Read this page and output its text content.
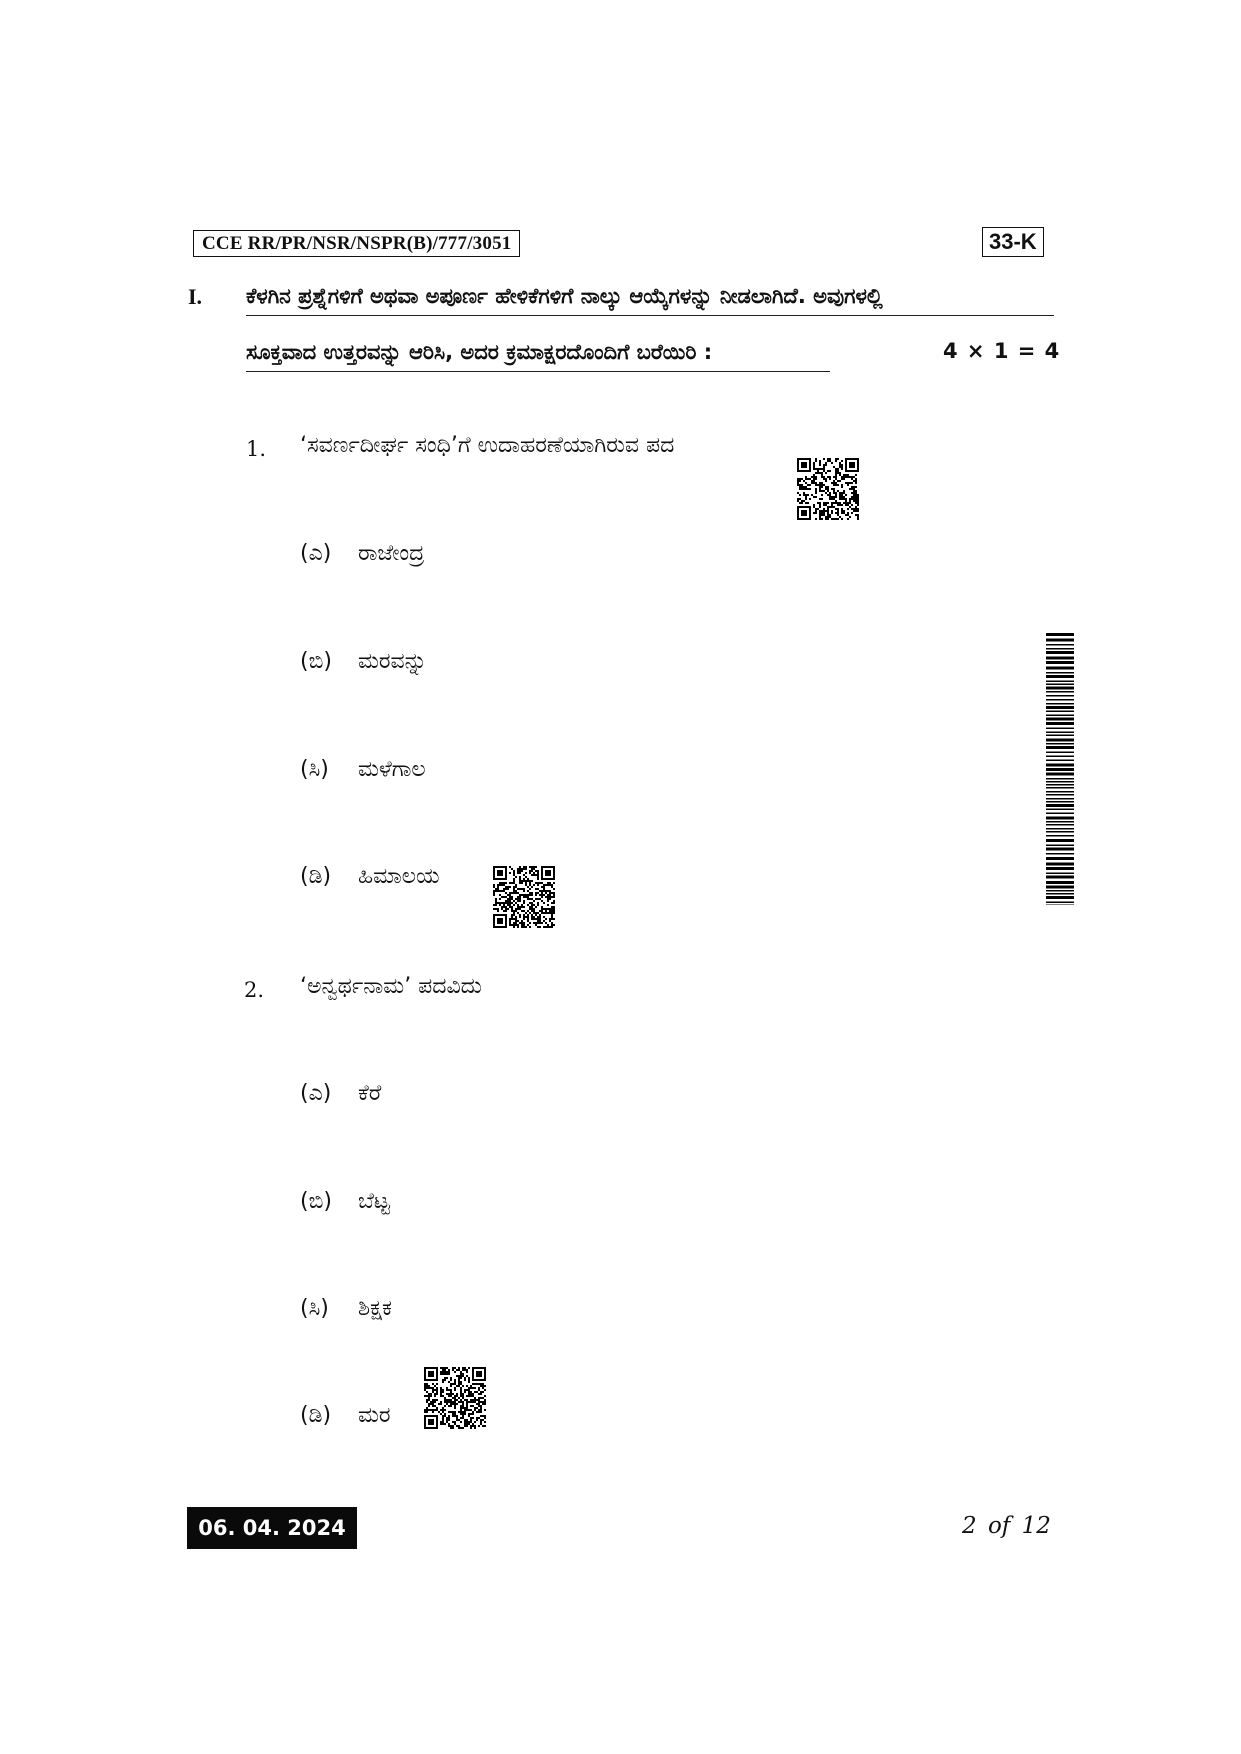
CCE RR/PR/NSR/NSPR(B)/777/3051	33-K
I. ಕೆಳಗಿನ ಪ್ರಶ್ನೆಗಳಿಗೆ ಅಥವಾ ಅಪೂರ್ಣ ಹೇಳಿಕೆಗಳಿಗೆ ನಾಲ್ಕು ಆಯ್ಕೆಗಳನ್ನು ನೀಡಲಾಗಿದೆ. ಅವುಗಳಲ್ಲಿ
ಸೂಕ್ತವಾದ ಉತ್ತರವನ್ನು ಆರಿಸಿ, ಅದರ ಕ್ರಮಾಕ್ಷರದೊಂದಿಗೆ ಬರೆಯಿರಿ :	4 × 1 = 4
1. ‘ಸವರ್ಣದೀರ್ಘ ಸಂಧಿ’ಗೆ ಉದಾಹರಣೆಯಾಗಿರುವ ಪದ
(ಎ) ರಾಜೇಂದ್ರ
(ಬಿ) ಮರವನ್ನು
(ಸಿ) ಮಳೆಗಾಲ
(ಡಿ) ಹಿಮಾಲಯ
2. ‘ಅನ್ವರ್ಥನಾಮ’ ಪದವಿದು
(ಎ) ಕೆರೆ
(ಬಿ) ಬೆಟ್ಟ
(ಸಿ) ಶಿಕ್ಷಕ
(ಡಿ) ಮರ
06. 04. 2024	2 of 12
